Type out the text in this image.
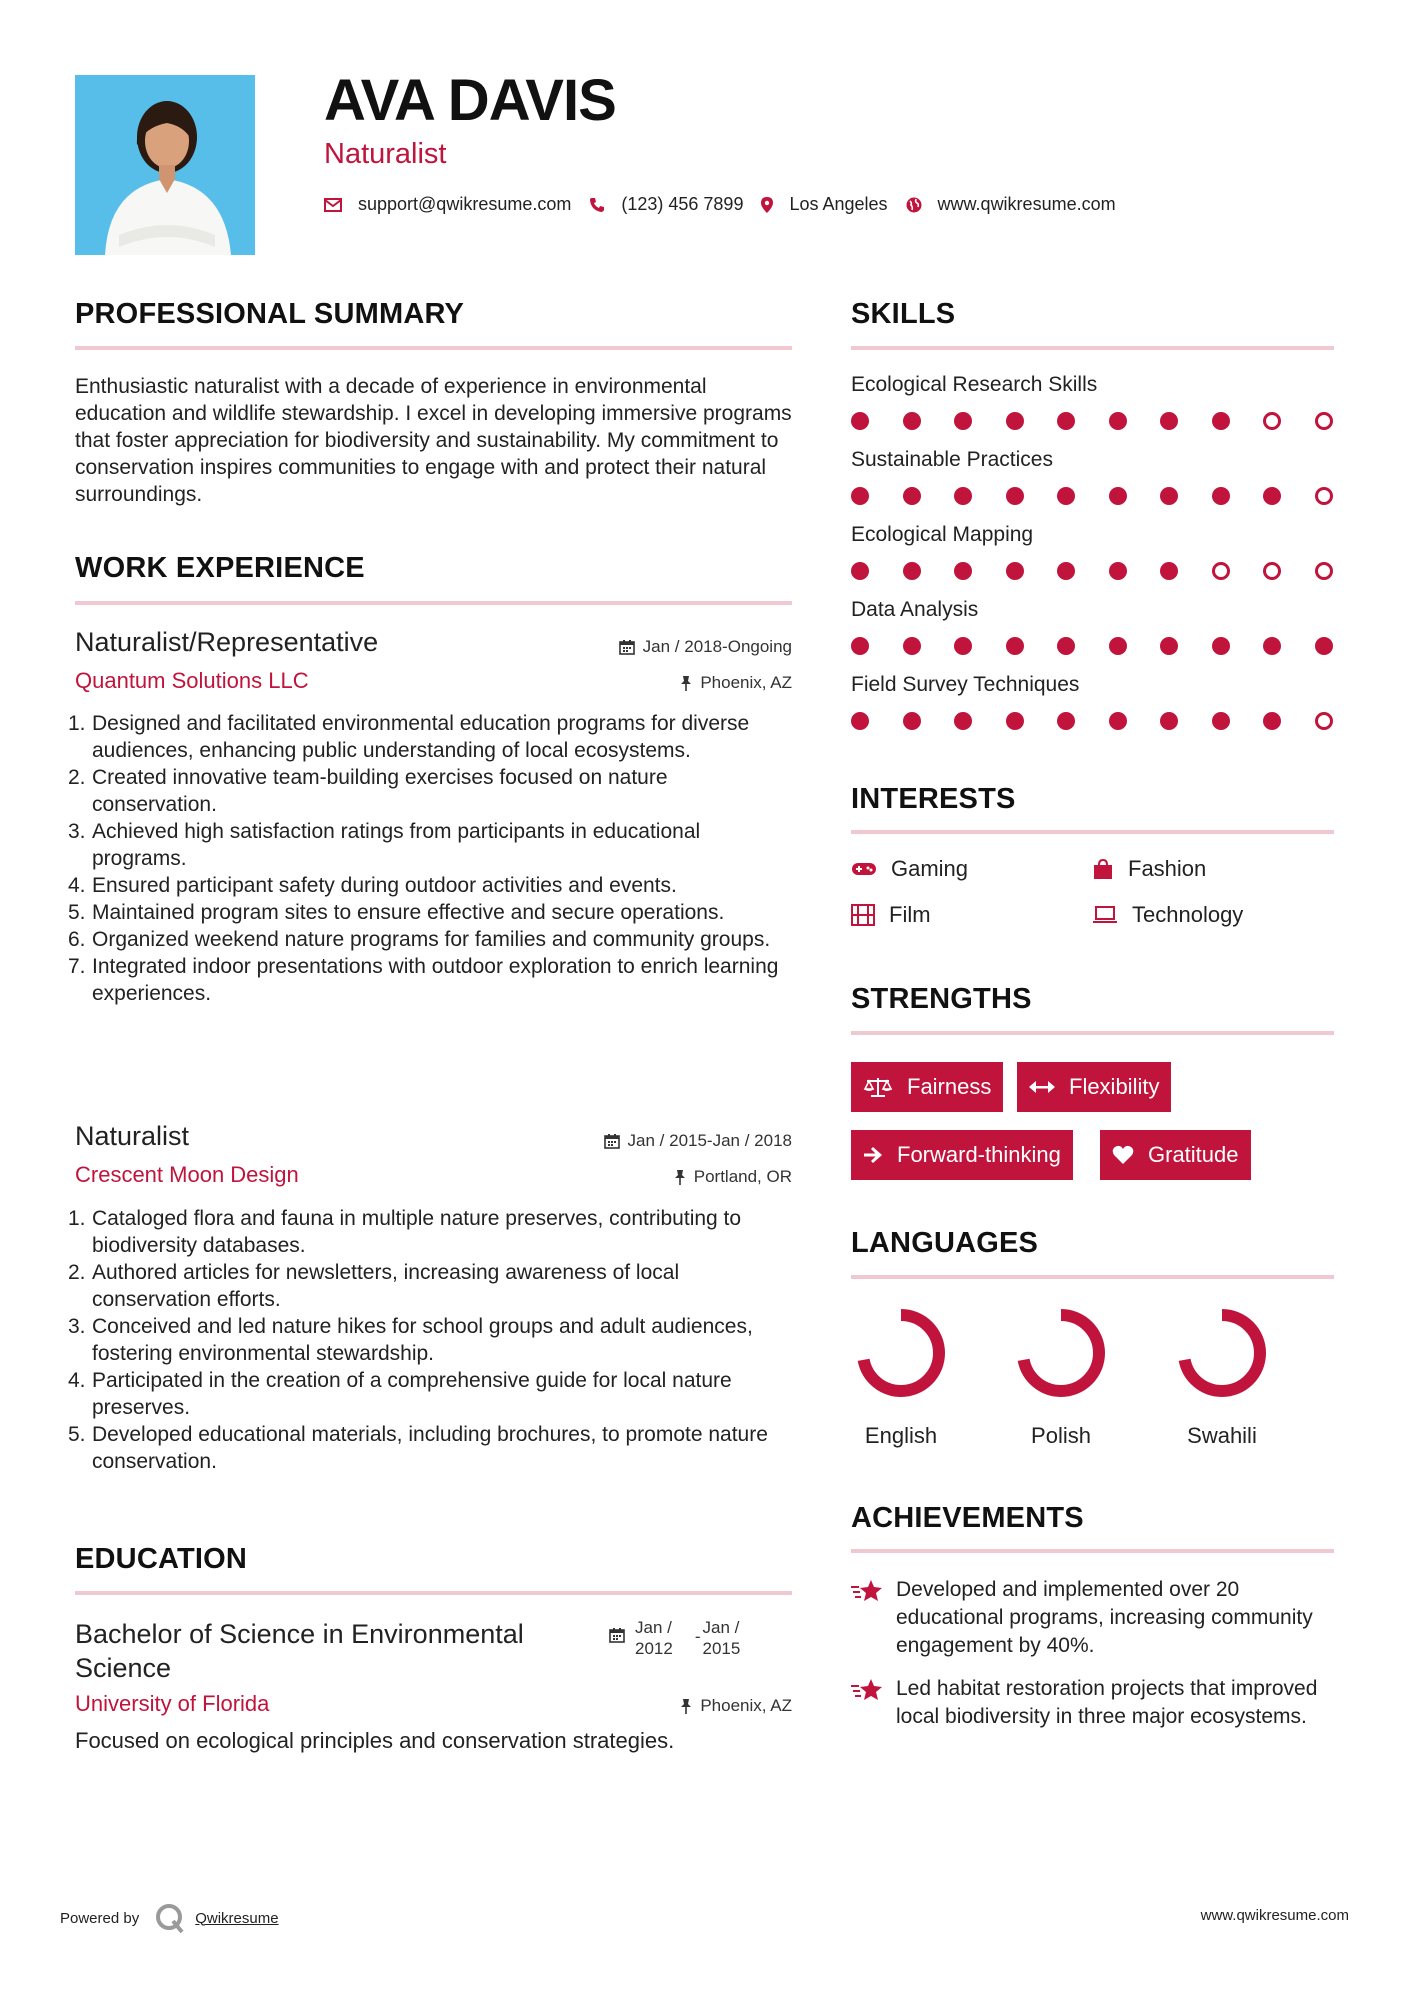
AVA DAVIS
Naturalist
support@qwikresume.com	(123) 456 7899	Los Angeles	www.qwikresume.com
PROFESSIONAL SUMMARY
Enthusiastic naturalist with a decade of experience in environmental education and wildlife stewardship. I excel in developing immersive programs that foster appreciation for biodiversity and sustainability. My commitment to conservation inspires communities to engage with and protect their natural surroundings.
WORK EXPERIENCE
Naturalist/Representative	Jan / 2018-Ongoing
Quantum Solutions LLC	Phoenix, AZ
1. Designed and facilitated environmental education programs for diverse audiences, enhancing public understanding of local ecosystems.
2. Created innovative team-building exercises focused on nature conservation.
3. Achieved high satisfaction ratings from participants in educational programs.
4. Ensured participant safety during outdoor activities and events.
5. Maintained program sites to ensure effective and secure operations.
6. Organized weekend nature programs for families and community groups.
7. Integrated indoor presentations with outdoor exploration to enrich learning experiences.
Naturalist	Jan / 2015-Jan / 2018
Crescent Moon Design	Portland, OR
1. Cataloged flora and fauna in multiple nature preserves, contributing to biodiversity databases.
2. Authored articles for newsletters, increasing awareness of local conservation efforts.
3. Conceived and led nature hikes for school groups and adult audiences, fostering environmental stewardship.
4. Participated in the creation of a comprehensive guide for local nature preserves.
5. Developed educational materials, including brochures, to promote nature conservation.
EDUCATION
Bachelor of Science in Environmental Science
Jan /
2012
- Jan /
2015
University of Florida	Phoenix, AZ
Focused on ecological principles and conservation strategies.
SKILLS
Ecological Research Skills
Sustainable Practices
Ecological Mapping
Data Analysis
Field Survey Techniques
INTERESTS
Gaming	Fashion
Film	Technology
STRENGTHS
Fairness	Flexibility
Forward-thinking	Gratitude
LANGUAGES
English	Polish	Swahili
ACHIEVEMENTS
Developed and implemented over 20 educational programs, increasing community engagement by 40%.
Led habitat restoration projects that improved local biodiversity in three major ecosystems.
Powered by	Qwikresume	www.qwikresume.com
